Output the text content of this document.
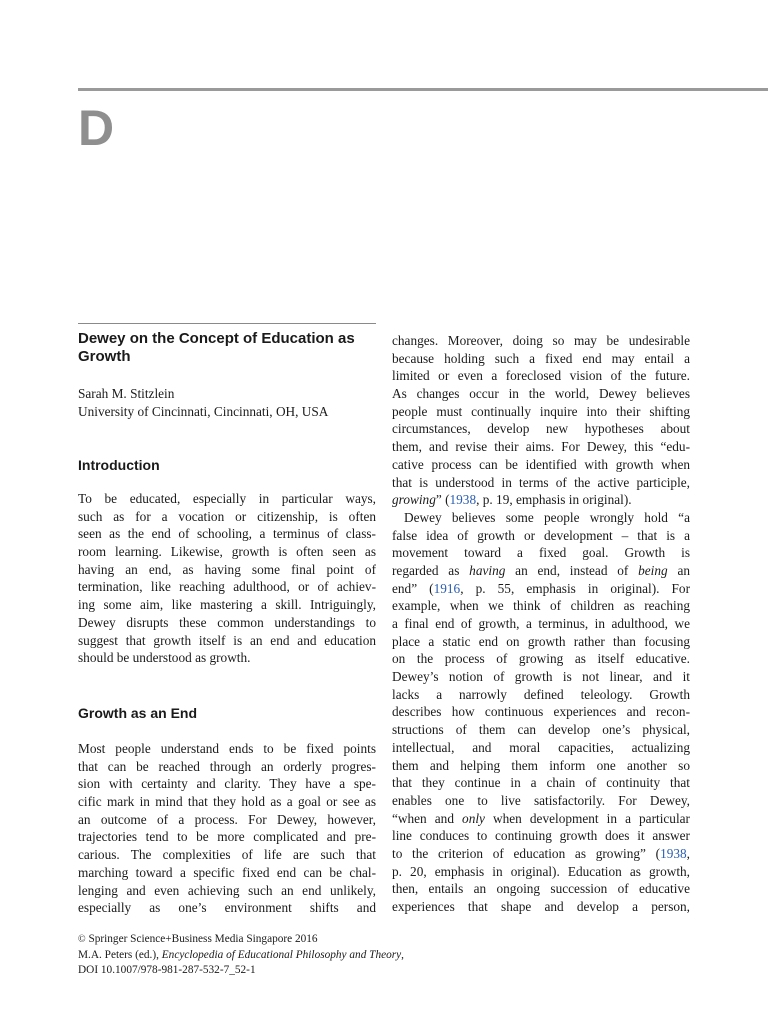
D
Dewey on the Concept of Education as Growth

Sarah M. Stitzlein

University of Cincinnati, Cincinnati, OH, USA

Introduction
To be educated, especially in particular ways,
such as for a vocation or citizenship, is often
seen as the end of schooling, a terminus of class-
room learning. Likewise, growth is often seen as
having an end, as having some final point of
termination, like reaching adulthood, or of achiev-
ing some aim, like mastering a skill. Intriguingly,
Dewey disrupts these common understandings to
suggest that growth itself is an end and education
should be understood as growth.
Growth as an End
Most people understand ends to be fixed points
that can be reached through an orderly progres-
sion with certainty and clarity. They have a spe-
cific mark in mind that they hold as a goal or see as
an outcome of a process. For Dewey, however,
trajectories tend to be more complicated and pre-
carious. The complexities of life are such that
marching toward a specific fixed end can be chal-
lenging and even achieving such an end unlikely,
especially as one’s environment shifts and
changes. Moreover, doing so may be undesirable
because holding such a fixed end may entail a
limited or even a foreclosed vision of the future.
As changes occur in the world, Dewey believes
people must continually inquire into their shifting
circumstances, develop new hypotheses about
them, and revise their aims. For Dewey, this “edu-
cative process can be identified with growth when
that is understood in terms of the active participle,
growing” (1938, p. 19, emphasis in original).
Dewey believes some people wrongly hold “a
false idea of growth or development – that is a
movement toward a fixed goal. Growth is
regarded as having an end, instead of being an
end” (1916, p. 55, emphasis in original). For
example, when we think of children as reaching
a final end of growth, a terminus, in adulthood, we
place a static end on growth rather than focusing
on the process of growing as itself educative.
Dewey’s notion of growth is not linear, and it
lacks a narrowly defined teleology. Growth
describes how continuous experiences and recon-
structions of them can develop one’s physical,
intellectual, and moral capacities, actualizing
them and helping them inform one another so
that they continue in a chain of continuity that
enables one to live satisfactorily. For Dewey,
“when and only when development in a particular
line conduces to continuing growth does it answer
to the criterion of education as growing” (1938,
p. 20, emphasis in original). Education as growth,
then, entails an ongoing succession of educative
experiences that shape and develop a person,
© Springer Science+Business Media Singapore 2016
M.A. Peters (ed.), Encyclopedia of Educational Philosophy and Theory,
DOI 10.1007/978-981-287-532-7_52-1
